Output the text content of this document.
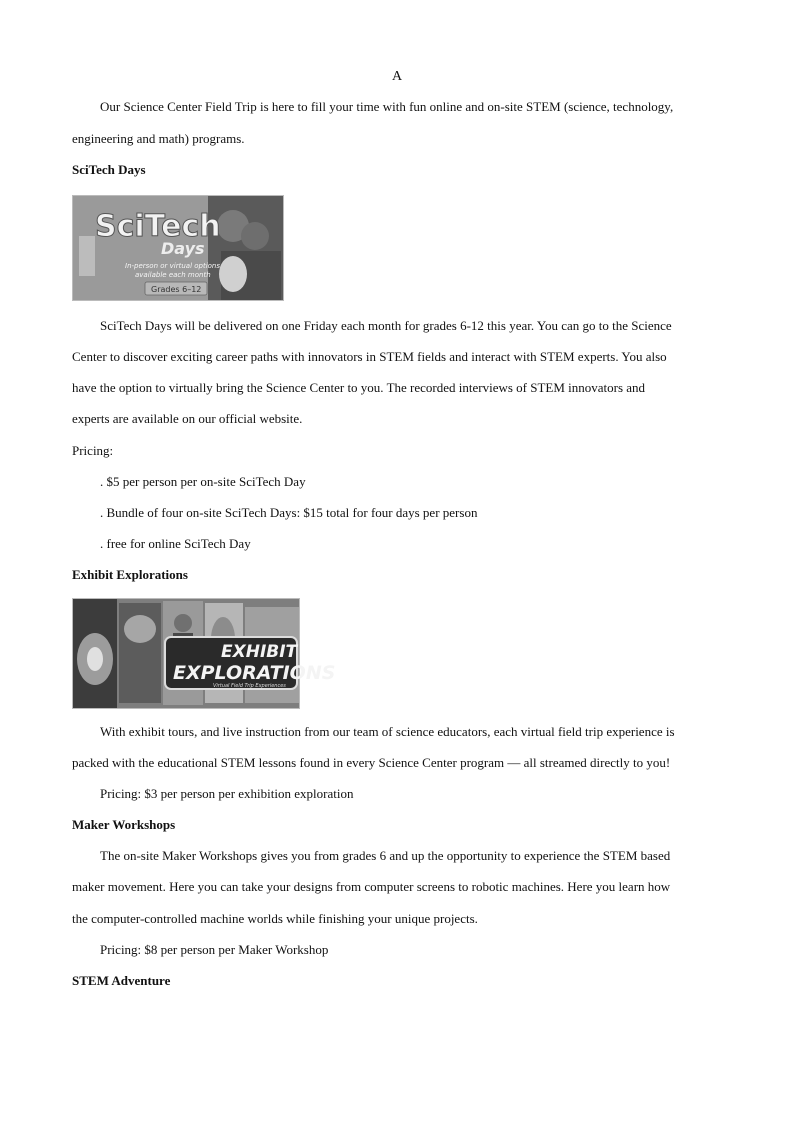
A
Our Science Center Field Trip is here to fill your time with fun online and on-site STEM (science, technology,
engineering and math) programs.
SciTech Days
SciTech
Days
In-person or virtual options
available each month
Grades 6–12
SciTech Days will be delivered on one Friday each month for grades 6-12 this year. You can go to the Science
Center to discover exciting career paths with innovators in STEM fields and interact with STEM experts. You also
have the option to virtually bring the Science Center to you. The recorded interviews of STEM innovators and
experts are available on our official website.
Pricing:
. $5 per person per on-site SciTech Day
. Bundle of four on-site SciTech Days: $15 total for four days per person
. free for online SciTech Day
Exhibit Explorations
EXHIBIT
EXPLORATIONS
Virtual Field Trip Experiences
With exhibit tours, and live instruction from our team of science educators, each virtual field trip experience is
packed with the educational STEM lessons found in every Science Center program — all streamed directly to you!
Pricing: $3 per person per exhibition exploration
Maker Workshops
The on-site Maker Workshops gives you from grades 6 and up the opportunity to experience the STEM based
maker movement. Here you can take your designs from computer screens to robotic machines. Here you learn how
the computer-controlled machine worlds while finishing your unique projects.
Pricing: $8 per person per Maker Workshop
STEM Adventure
